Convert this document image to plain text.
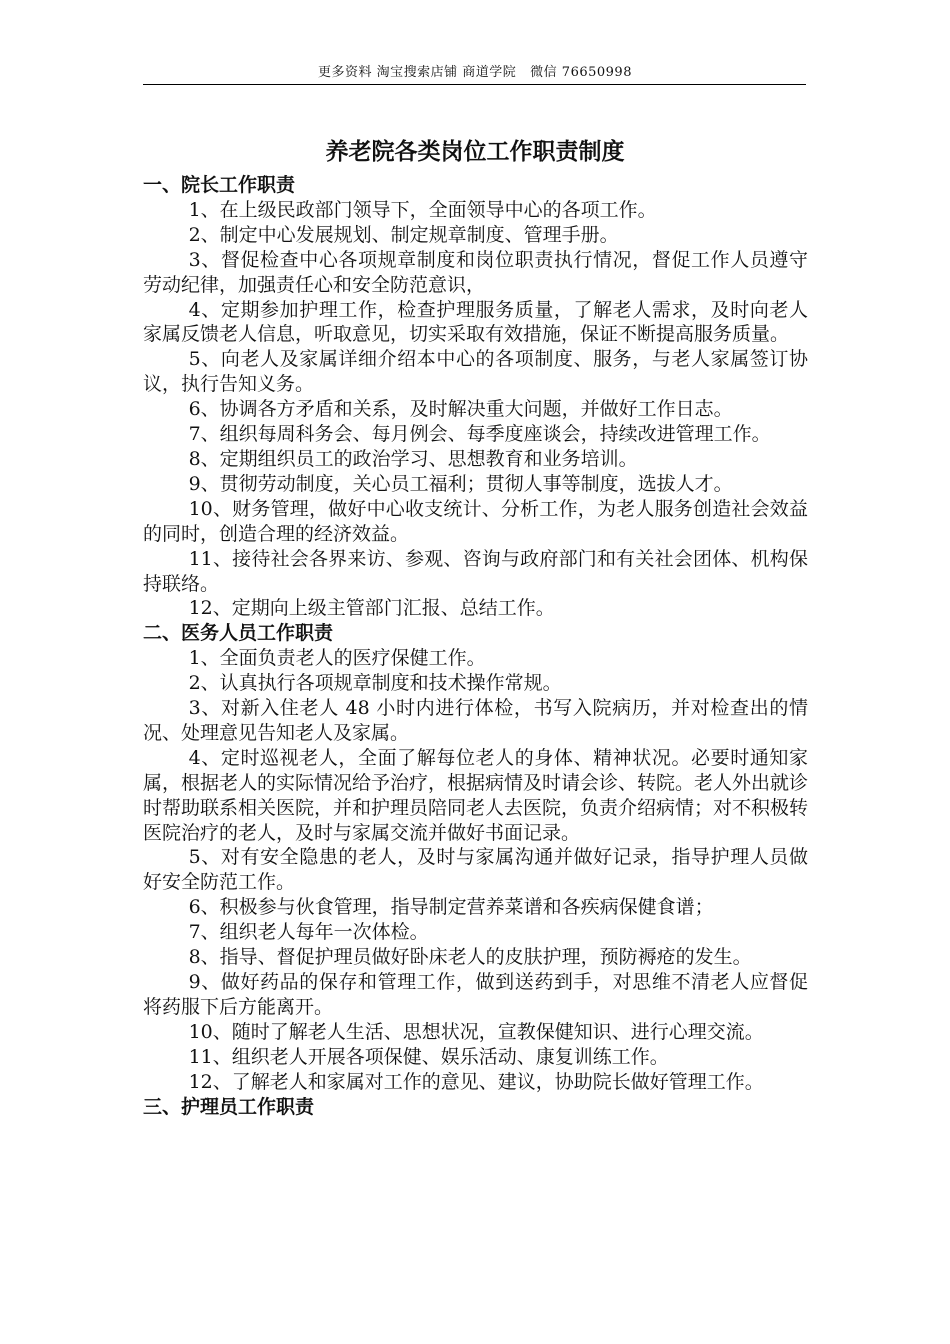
更多资料 淘宝搜索店铺 商道学院   微信 76650998
养老院各类岗位工作职责制度
一、院长工作职责
1、在上级民政部门领导下，全面领导中心的各项工作。
2、制定中心发展规划、制定规章制度、管理手册。
3、督促检查中心各项规章制度和岗位职责执行情况，督促工作人员遵守劳动纪律，加强责任心和安全防范意识，
4、定期参加护理工作，检查护理服务质量，了解老人需求，及时向老人家属反馈老人信息，听取意见，切实采取有效措施，保证不断提高服务质量。
5、向老人及家属详细介绍本中心的各项制度、服务，与老人家属签订协议，执行告知义务。
6、协调各方矛盾和关系，及时解决重大问题，并做好工作日志。
7、组织每周科务会、每月例会、每季度座谈会，持续改进管理工作。
8、定期组织员工的政治学习、思想教育和业务培训。
9、贯彻劳动制度，关心员工福利；贯彻人事等制度，选拔人才。
10、财务管理，做好中心收支统计、分析工作，为老人服务创造社会效益的同时，创造合理的经济效益。
11、接待社会各界来访、参观、咨询与政府部门和有关社会团体、机构保持联络。
12、定期向上级主管部门汇报、总结工作。
二、医务人员工作职责
1、全面负责老人的医疗保健工作。
2、认真执行各项规章制度和技术操作常规。
3、对新入住老人 48 小时内进行体检，书写入院病历，并对检查出的情况、处理意见告知老人及家属。
4、定时巡视老人，全面了解每位老人的身体、精神状况。必要时通知家属，根据老人的实际情况给予治疗，根据病情及时请会诊、转院。老人外出就诊时帮助联系相关医院，并和护理员陪同老人去医院，负责介绍病情；对不积极转医院治疗的老人，及时与家属交流并做好书面记录。
5、对有安全隐患的老人，及时与家属沟通并做好记录，指导护理人员做好安全防范工作。
6、积极参与伙食管理，指导制定营养菜谱和各疾病保健食谱；
7、组织老人每年一次体检。
8、指导、督促护理员做好卧床老人的皮肤护理，预防褥疮的发生。
9、做好药品的保存和管理工作，做到送药到手，对思维不清老人应督促将药服下后方能离开。
10、随时了解老人生活、思想状况，宣教保健知识、进行心理交流。
11、组织老人开展各项保健、娱乐活动、康复训练工作。
12、了解老人和家属对工作的意见、建议，协助院长做好管理工作。
三、护理员工作职责
